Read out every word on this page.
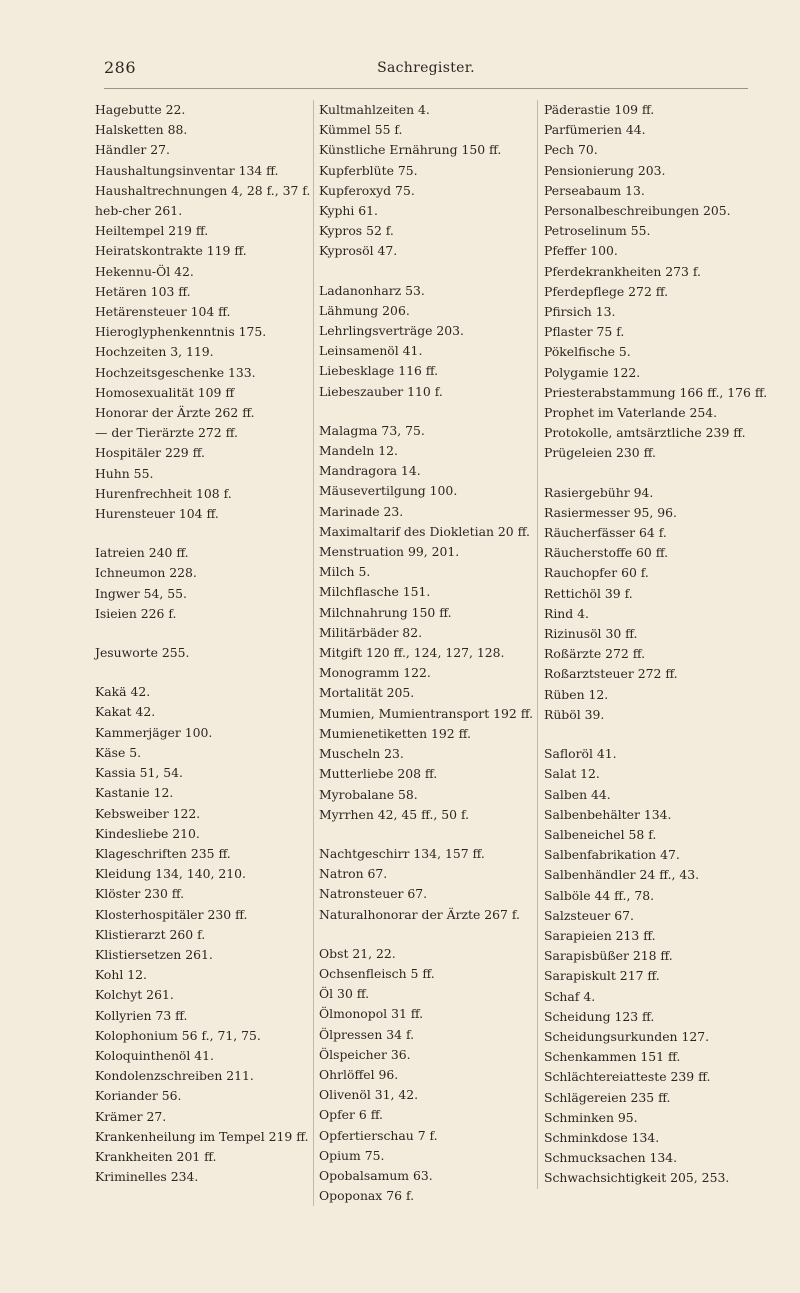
286	Sachregister.
Hagebutte 22.
Halsketten 88.
Händler 27.
Haushaltungsinventar 134 ff.
Haushaltrechnungen 4, 28 f., 37 f.
heb-cher 261.
Heiltempel 219 ff.
Heiratskontrakte 119 ff.
Hekennu-Öl 42.
Hetären 103 ff.
Hetärensteuer 104 ff.
Hieroglyphenkenntnis 175.
Hochzeiten 3, 119.
Hochzeitsgeschenke 133.
Homosexualität 109 ff
Honorar der Ärzte 262 ff.
— der Tierärzte 272 ff.
Hospitäler 229 ff.
Huhn 55.
Hurenfrechheit 108 f.
Hurensteuer 104 ff.
Iatreien 240 ff.
Ichneumon 228.
Ingwer 54, 55.
Isieien 226 f.
Jesuworte 255.
Kakä 42.
Kakat 42.
Kammerjäger 100.
Käse 5.
Kassia 51, 54.
Kastanie 12.
Kebsweiber 122.
Kindesliebe 210.
Klageschriften 235 ff.
Kleidung 134, 140, 210.
Klöster 230 ff.
Klosterhospitäler 230 ff.
Klistierarzt 260 f.
Klistiersetzen 261.
Kohl 12.
Kolchyt 261.
Kollyrien 73 ff.
Kolophonium 56 f., 71, 75.
Koloquinthenöl 41.
Kondolenzschreiben 211.
Koriander 56.
Krämer 27.
Krankenheilung im Tempel 219 ff.
Krankheiten 201 ff.
Kriminelles 234.
Kultmahlzeiten 4.
Kümmel 55 f.
Künstliche Ernährung 150 ff.
Kupferblüte 75.
Kupferoxyd 75.
Kyphi 61.
Kypros 52 f.
Kyprosöl 47.
Ladanonharz 53.
Lähmung 206.
Lehrlingsverträge 203.
Leinsamenöl 41.
Liebesklage 116 ff.
Liebeszauber 110 f.
Malagma 73, 75.
Mandeln 12.
Mandragora 14.
Mäusevertilgung 100.
Marinade 23.
Maximaltarif des Diokletian 20 ff.
Menstruation 99, 201.
Milch 5.
Milchflasche 151.
Milchnahrung 150 ff.
Militärbäder 82.
Mitgift 120 ff., 124, 127, 128.
Monogramm 122.
Mortalität 205.
Mumien, Mumientransport 192 ff.
Mumienetiketten 192 ff.
Muscheln 23.
Mutterliebe 208 ff.
Myrobalane 58.
Myrrhen 42, 45 ff., 50 f.
Nachtgeschirr 134, 157 ff.
Natron 67.
Natronsteuer 67.
Naturalhonorar der Ärzte 267 f.
Obst 21, 22.
Ochsenfleisch 5 ff.
Öl 30 ff.
Ölmonopol 31 ff.
Ölpressen 34 f.
Ölspeicher 36.
Ohrlöffel 96.
Olivenöl 31, 42.
Opfer 6 ff.
Opfertierschau 7 f.
Opium 75.
Opobalsamum 63.
Opoponax 76 f.
Päderastie 109 ff.
Parfümerien 44.
Pech 70.
Pensionierung 203.
Perseabaum 13.
Personalbeschreibungen 205.
Petroselinum 55.
Pfeffer 100.
Pferdekrankheiten 273 f.
Pferdepflege 272 ff.
Pfirsich 13.
Pflaster 75 f.
Pökelfische 5.
Polygamie 122.
Priesterabstammung 166 ff., 176 ff.
Prophet im Vaterlande 254.
Protokolle, amtsärztliche 239 ff.
Prügeleien 230 ff.
Rasiergebühr 94.
Rasiermesser 95, 96.
Räucherfässer 64 f.
Räucherstoffe 60 ff.
Rauchopfer 60 f.
Rettichöl 39 f.
Rind 4.
Rizinusöl 30 ff.
Roßärzte 272 ff.
Roßarztsteuer 272 ff.
Rüben 12.
Rüböl 39.
Safloröl 41.
Salat 12.
Salben 44.
Salbenbehälter 134.
Salbeneichel 58 f.
Salbenfabrikation 47.
Salbenhändler 24 ff., 43.
Salböle 44 ff., 78.
Salzsteuer 67.
Sarapieien 213 ff.
Sarapisbüßer 218 ff.
Sarapiskult 217 ff.
Schaf 4.
Scheidung 123 ff.
Scheidungsurkunden 127.
Schenkammen 151 ff.
Schlächtereiatteste 239 ff.
Schlägereien 235 ff.
Schminken 95.
Schminkdose 134.
Schmucksachen 134.
Schwachsichtigkeit 205, 253.
